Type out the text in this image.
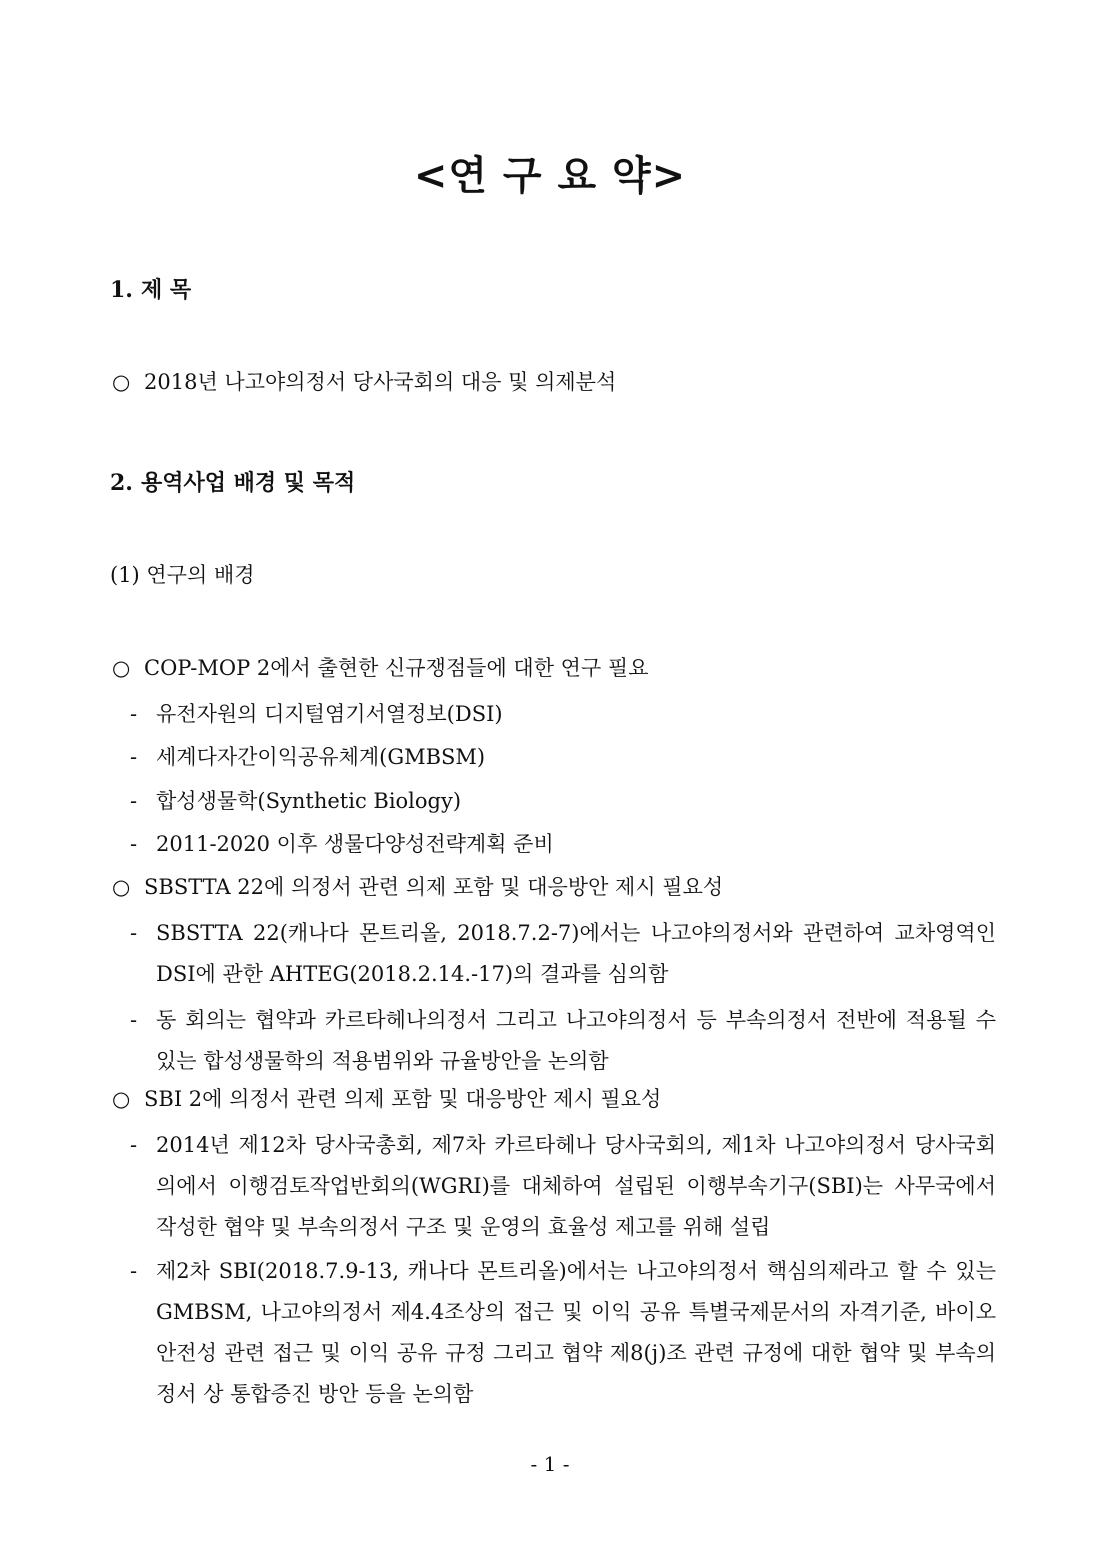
<연 구 요 약>
1. 제 목

○ 2018년 나고야의정서 당사국회의 대응 및 의제분석

2. 용역사업 배경 및 목적

(1) 연구의 배경

○ COP-MOP 2에서 출현한 신규쟁점들에 대한 연구 필요

- 유전자원의 디지털염기서열정보(DSI)

- 세계다자간이익공유체계(GMBSM)

- 합성생물학(Synthetic Biology)

- 2011-2020 이후 생물다양성전략계획 준비

○ SBSTTA 22에 의정서 관련 의제 포함 및 대응방안 제시 필요성

- SBSTTA 22(캐나다 몬트리올, 2018.7.2-7)에서는 나고야의정서와 관련하여 교차영역인 DSI에 관한 AHTEG(2018.2.14.-17)의 결과를 심의함

- 동 회의는 협약과 카르타헤나의정서 그리고 나고야의정서 등 부속의정서 전반에 적용될 수 있는 합성생물학의 적용범위와 규율방안을 논의함

○ SBI 2에 의정서 관련 의제 포함 및 대응방안 제시 필요성

- 2014년 제12차 당사국총회, 제7차 카르타헤나 당사국회의, 제1차 나고야의정서 당사국회의에서 이행검토작업반회의(WGRI)를 대체하여 설립된 이행부속기구(SBI)는 사무국에서 작성한 협약 및 부속의정서 구조 및 운영의 효율성 제고를 위해 설립

- 제2차 SBI(2018.7.9-13, 캐나다 몬트리올)에서는 나고야의정서 핵심의제라고 할 수 있는 GMBSM, 나고야의정서 제4.4조상의 접근 및 이익 공유 특별국제문서의 자격기준, 바이오안전성 관련 접근 및 이익 공유 규정 그리고 협약 제8(j)조 관련 규정에 대한 협약 및 부속의정서 상 통합증진 방안 등을 논의함

- 1 -
